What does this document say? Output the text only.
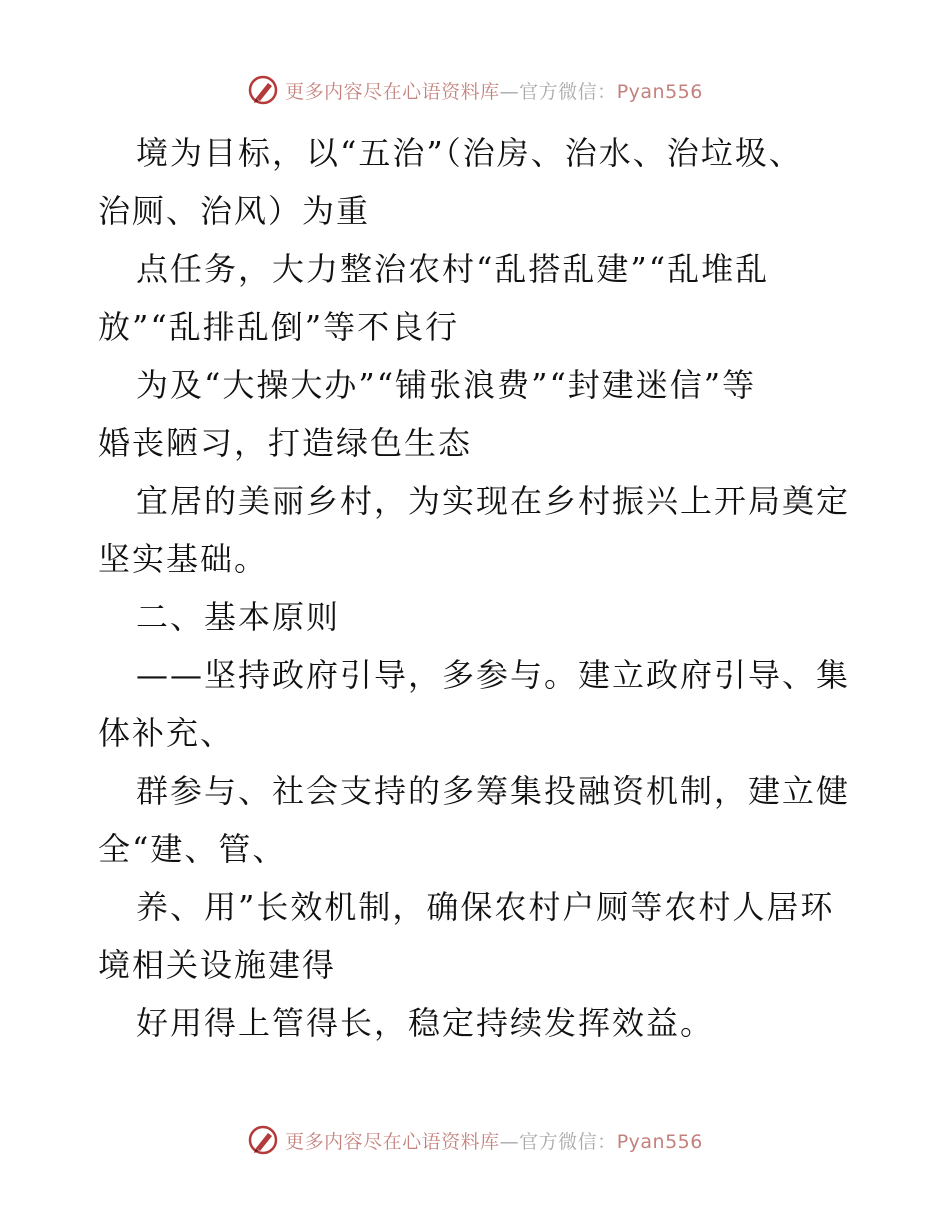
更多内容尽在心语资料库—官方微信：Pyan556
境为目标，以“五治”（治房、治水、治垃圾、
治厕、治风）为重
点任务，大力整治农村“乱搭乱建”“乱堆乱
放”“乱排乱倒”等不良行
为及“大操大办”“铺张浪费”“封建迷信”等
婚丧陋习，打造绿色生态
宜居的美丽乡村，为实现在乡村振兴上开局奠定
坚实基础。
二、基本原则
——坚持政府引导，多参与。建立政府引导、集
体补充、
群参与、社会支持的多筹集投融资机制，建立健
全“建、管、
养、用”长效机制，确保农村户厕等农村人居环
境相关设施建得
好用得上管得长，稳定持续发挥效益。
更多内容尽在心语资料库—官方微信：Pyan556
